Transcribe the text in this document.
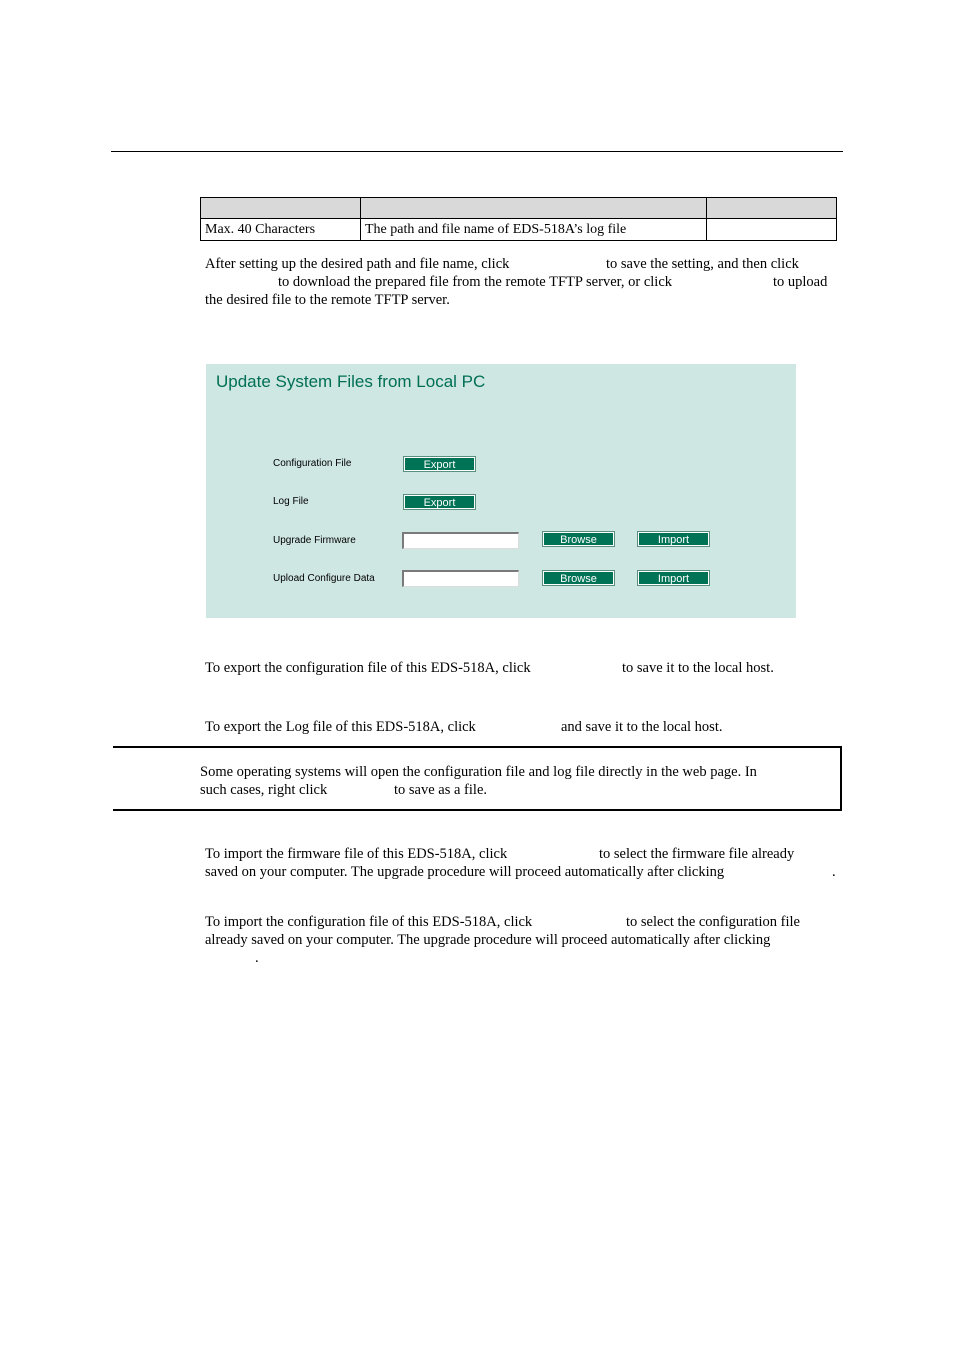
Max. 40 Characters	The path and file name of EDS-518A’s log file	
After setting up the desired path and file name, click	to save the setting, and then click
to download the prepared file from the remote TFTP server, or click	to upload
the desired file to the remote TFTP server.
Update System Files from Local PC
Configuration File	Export
Log File	Export
Upgrade Firmware	Browse	Import
Upload Configure Data	Browse	Import
To export the configuration file of this EDS-518A, click	to save it to the local host.
To export the Log file of this EDS-518A, click	and save it to the local host.
Some operating systems will open the configuration file and log file directly in the web page. In
such cases, right click	to save as a file.
To import the firmware file of this EDS-518A, click	to select the firmware file already
saved on your computer. The upgrade procedure will proceed automatically after clicking	.
To import the configuration file of this EDS-518A, click	to select the configuration file
already saved on your computer. The upgrade procedure will proceed automatically after clicking
.
